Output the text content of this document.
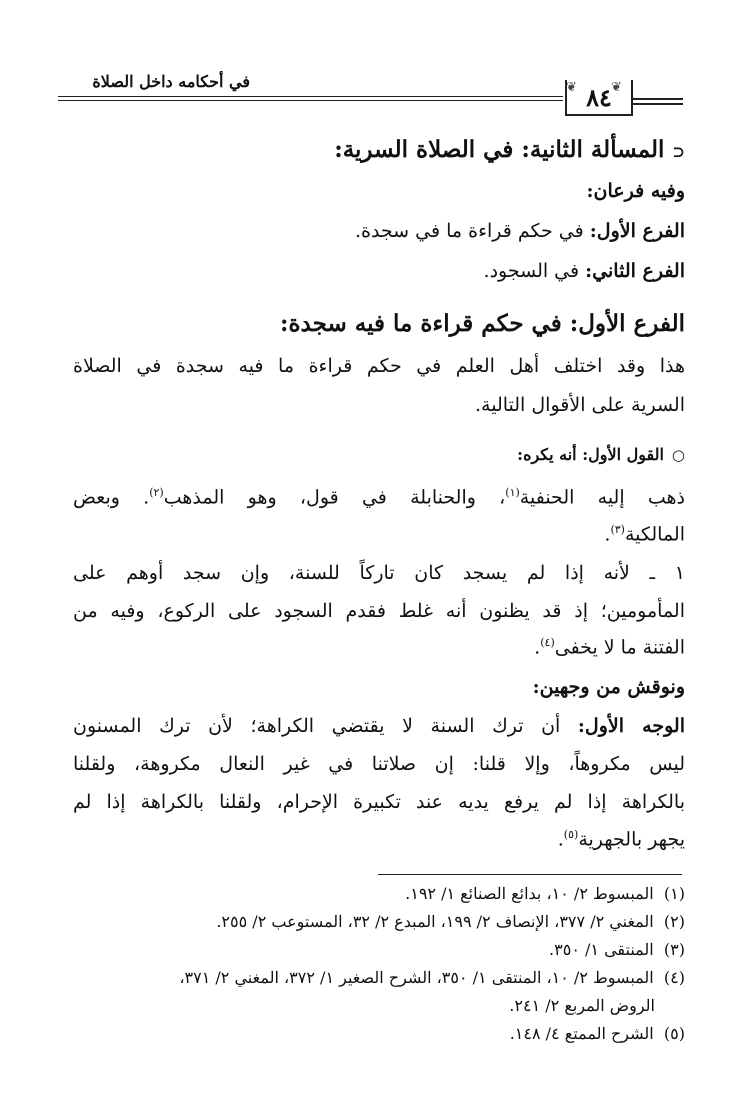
في أحكامه داخل الصلاة	❦	❦
٨٤
⊂المسألة الثانية: في الصلاة السرية:
وفيه فرعان:
الفرع الأول: في حكم قراءة ما في سجدة.
الفرع الثاني: في السجود.
الفرع الأول: في حكم قراءة ما فيه سجدة:
هذا وقد اختلف أهل العلم في حكم قراءة ما فيه سجدة في الصلاة
السرية على الأقوال التالية.
○القول الأول: أنه يكره:
ذهب إليه الحنفية$^{(١)}$، والحنابلة في قول، وهو المذهب$^{(٢)}$. وبعض
المالكية$^{(٣)}$.
١ ـ لأنه إذا لم يسجد كان تاركاً للسنة، وإن سجد أوهم على
المأمومين؛ إذ قد يظنون أنه غلط فقدم السجود على الركوع، وفيه من
الفتنة ما لا يخفى$^{(٤)}$.
ونوقش من وجهين:
الوجه الأول: أن ترك السنة لا يقتضي الكراهة؛ لأن ترك المسنون
ليس مكروهاً، وإلا قلنا: إن صلاتنا في غير النعال مكروهة، ولقلنا
بالكراهة إذا لم يرفع يديه عند تكبيرة الإحرام، ولقلنا بالكراهة إذا لم
يجهر بالجهرية$^{(٥)}$.
(١)  المبسوط ٢/ ١٠، بدائع الصنائع ١/ ١٩٢.
(٢)  المغني ٢/ ٣٧٧، الإنصاف ٢/ ١٩٩، المبدع ٢/ ٣٢، المستوعب ٢/ ٢٥٥.
(٣)  المنتقى ١/ ٣٥٠.
(٤)  المبسوط ٢/ ١٠، المنتقى ١/ ٣٥٠، الشرح الصغير ١/ ٣٧٢، المغني ٢/ ٣٧١،
الروض المربع ٢/ ٢٤١.
(٥)  الشرح الممتع ٤/ ١٤٨.
